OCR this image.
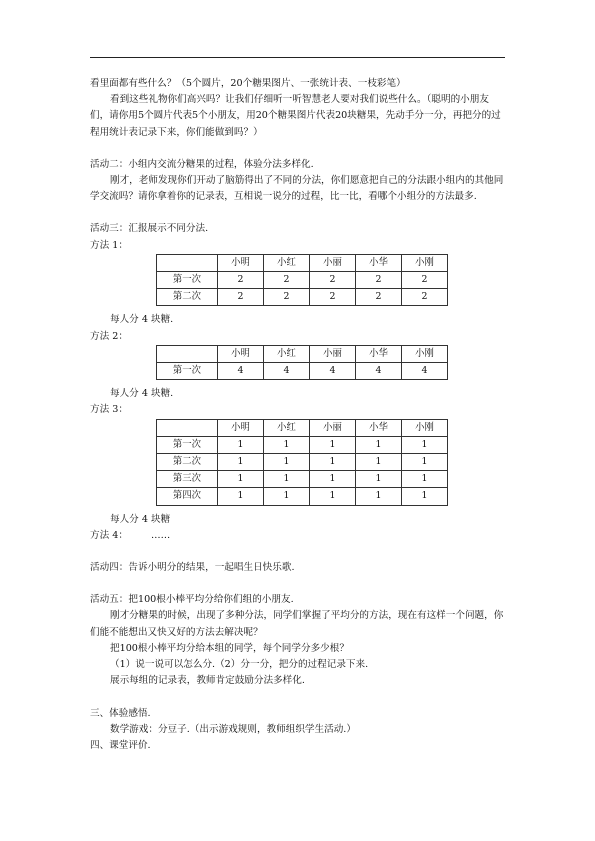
看里面都有些什么？（5个圆片，20个糖果图片、一张统计表、一枝彩笔）

看到这些礼物你们高兴吗？让我们仔细听一听智慧老人要对我们说些什么。（聪明的小朋友们，请你用5个圆片代表5个小朋友，用20个糖果图片代表20块糖果，先动手分一分，再把分的过程用统计表记录下来，你们能做到吗？）

活动二：小组内交流分糖果的过程，体验分法多样化.

刚才，老师发现你们开动了脑筋得出了不同的分法，你们愿意把自己的分法跟小组内的其他同学交流吗？请你拿着你的记录表，互相说一说分的过程，比一比，看哪个小组分的方法最多.

活动三：汇报展示不同分法.

方法 1：

	小明	小红	小丽	小华	小刚
第一次	2	2	2	2	2
第二次	2	2	2	2	2

每人分 4 块糖.

方法 2：

	小明	小红	小丽	小华	小刚
第一次	4	4	4	4	4

每人分 4 块糖.

方法 3：

	小明	小红	小丽	小华	小刚
第一次	1	1	1	1	1
第二次	1	1	1	1	1
第三次	1	1	1	1	1
第四次	1	1	1	1	1

每人分 4 块糖

方法 4： ……

活动四：告诉小明分的结果，一起唱生日快乐歌.

活动五：把100根小棒平均分给你们组的小朋友.

刚才分糖果的时候，出现了多种分法，同学们掌握了平均分的方法，现在有这样一个问题，你们能不能想出又快又好的方法去解决呢？

把100根小棒平均分给本组的同学，每个同学分多少根？

（1）说一说可以怎么分.（2）分一分，把分的过程记录下来.

展示每组的记录表，教师肯定鼓励分法多样化.

三、体验感悟.

数学游戏：分豆子.（出示游戏规则，教师组织学生活动.）

四、课堂评价.
